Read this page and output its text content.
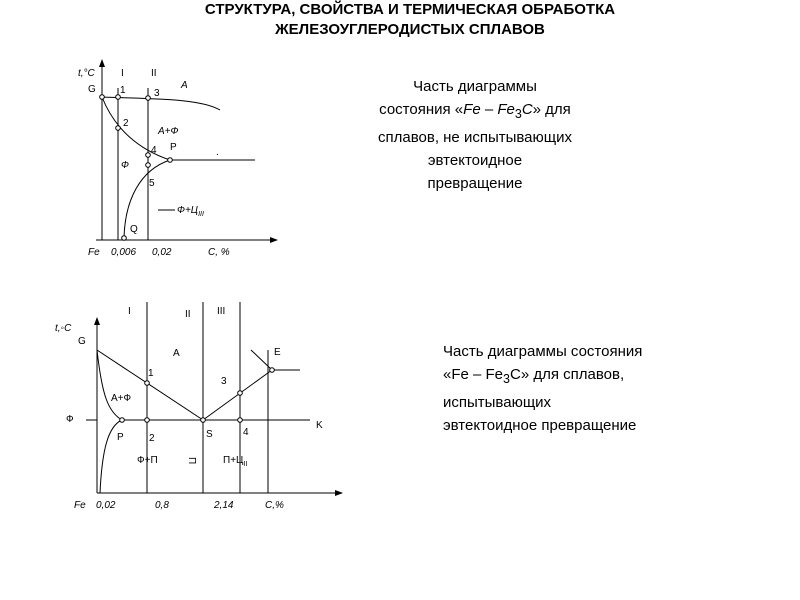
СТРУКТУРА, СВОЙСТВА И ТЕРМИЧЕСКАЯ ОБРАБОТКА
ЖЕЛЕЗОУГЛЕРОДИСТЫХ СПЛАВОВ
Часть диаграммы
состояния «Fe – $Fe_3C$» для
сплавов, не испытывающих
эвтектоидное
превращение
Часть диаграммы состояния
«Fe – $Fe_3C$» для сплавов,
испытывающих
эвтектоидное превращение
t,°C	I	II
G 1	3
A
2
A+Ф
P
4
Ф
5
.
$Ф+Ц_{III}$
Q
Fe 0,006 0,02	C, %
t,◦C
I	II	III
G
A	E
1
3
A+Ф
Ф
K
P	2	S	4
Ф+П	П	$П+Ц_{II}$
Fe 0,02	0,8	2,14	C,%
